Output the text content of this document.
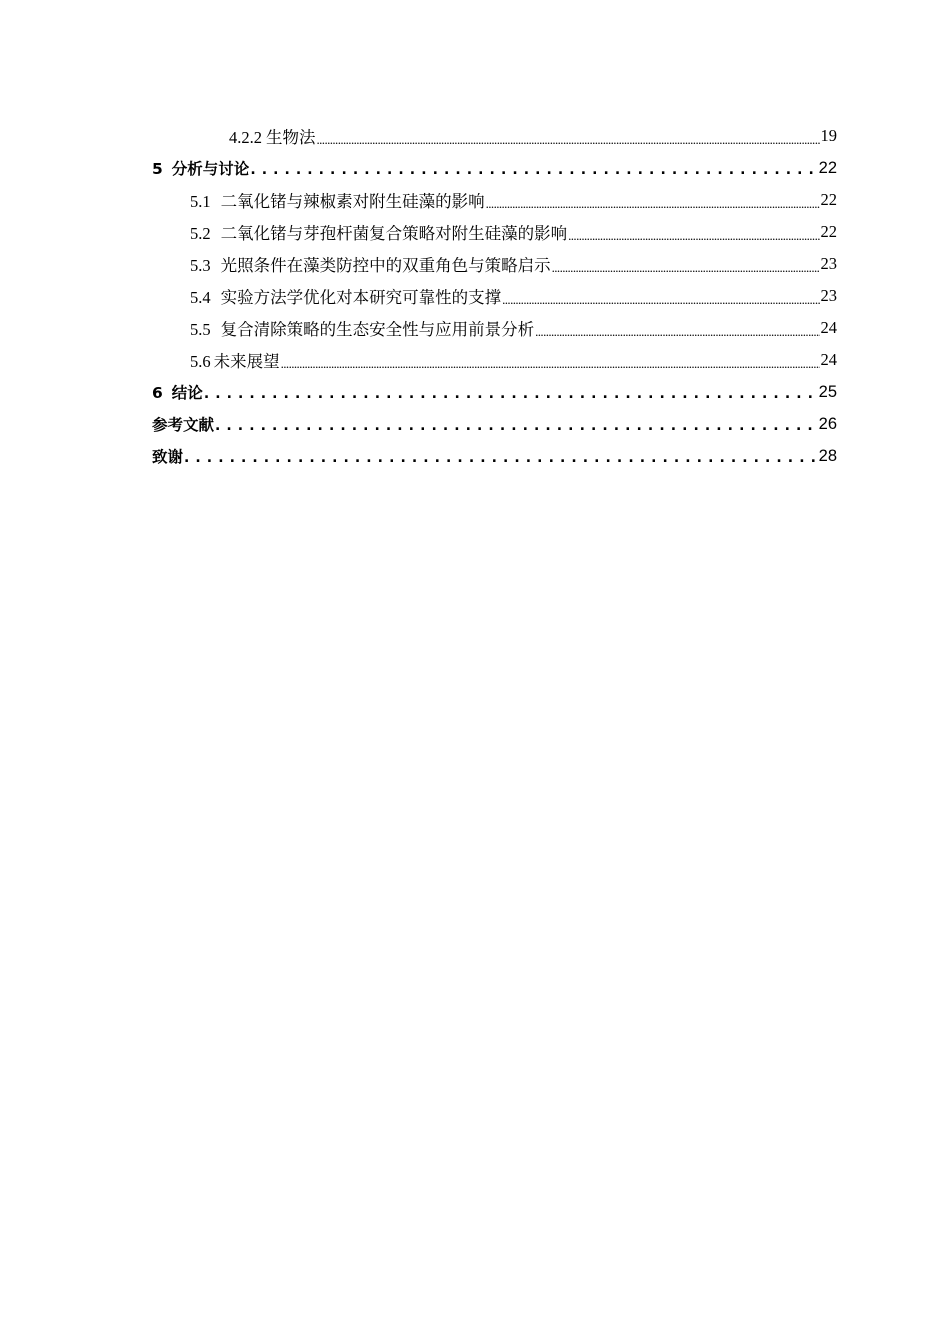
4.2.2 生物法 .....	19
5 分析与讨论 . . .	22
5.1 二氧化锗与辣椒素对附生硅藻的影响 .....	22
5.2 二氧化锗与芽孢杆菌复合策略对附生硅藻的影响 .....	22
5.3 光照条件在藻类防控中的双重角色与策略启示 .....	23
5.4 实验方法学优化对本研究可靠性的支撑 .....	23
5.5 复合清除策略的生态安全性与应用前景分析 .....	24
5.6 未来展望 .....	24
6 结论 . . .	25
参考文献 . . .	26
致谢 . . .	28
